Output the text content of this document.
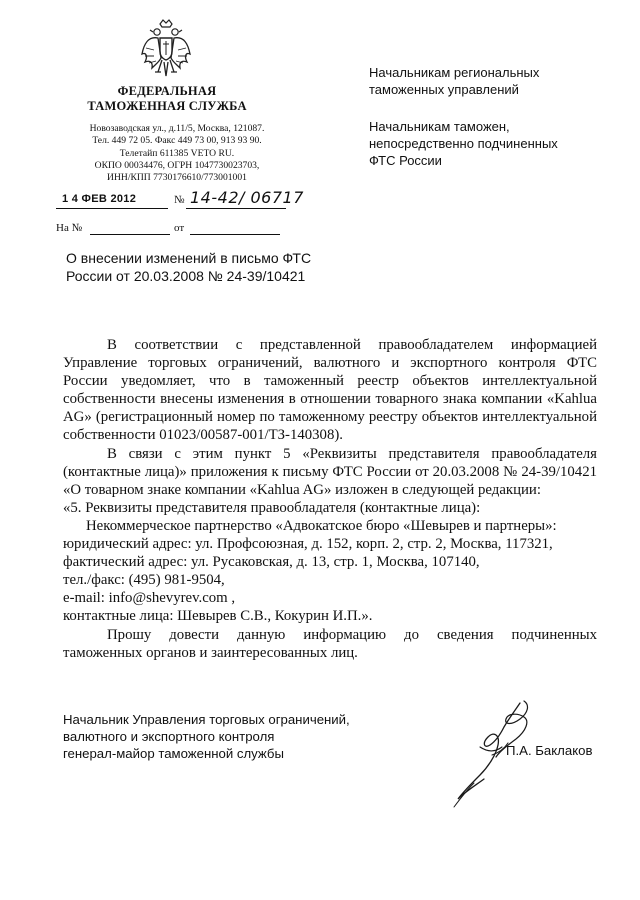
ФЕДЕРАЛЬНАЯ
ТАМОЖЕННАЯ СЛУЖБА
Новозаводская ул., д.11/5, Москва, 121087.
Тел. 449 72 05. Факс 449 73 00, 913 93 90.
Телетайп 611385 VETO RU.
ОКПО 00034476, ОГРН 1047730023703,
ИНН/КПП 7730176610/773001001
1 4 ФЕВ 2012	№ 14-42/ 06717
На №	от
О внесении изменений в письмо ФТС
России от 20.03.2008 № 24-39/10421
Начальникам региональных
таможенных управлений
Начальникам таможен,
непосредственно подчиненных
ФТС России
В соответствии с представленной правообладателем информацией
Управление торговых ограничений, валютного и экспортного контроля ФТС
России уведомляет, что в таможенный реестр объектов интеллектуальной
собственности внесены изменения в отношении товарного знака компании «Kahlua
AG» (регистрационный номер по таможенному реестру объектов интеллектуальной
собственности 01023/00587-001/ТЗ-140308).
В связи с этим пункт 5 «Реквизиты представителя правообладателя
(контактные лица)» приложения к письму ФТС России от 20.03.2008 № 24-39/10421
«О товарном знаке компании «Kahlua AG» изложен в следующей редакции:
«5. Реквизиты представителя правообладателя (контактные лица):
Некоммерческое партнерство «Адвокатское бюро «Шевырев и партнеры»:
юридический адрес: ул. Профсоюзная, д. 152, корп. 2, стр. 2, Москва, 117321,
фактический адрес: ул. Русаковская, д. 13, стр. 1, Москва, 107140,
тел./факс: (495) 981-9504,
e-mail: info@shevyrev.com ,
контактные лица: Шевырев С.В., Кокурин И.П.».
Прошу довести данную информацию до сведения подчиненных
таможенных органов и заинтересованных лиц.
Начальник Управления торговых ограничений,
валютного и экспортного контроля
генерал-майор таможенной службы	П.А. Баклаков
